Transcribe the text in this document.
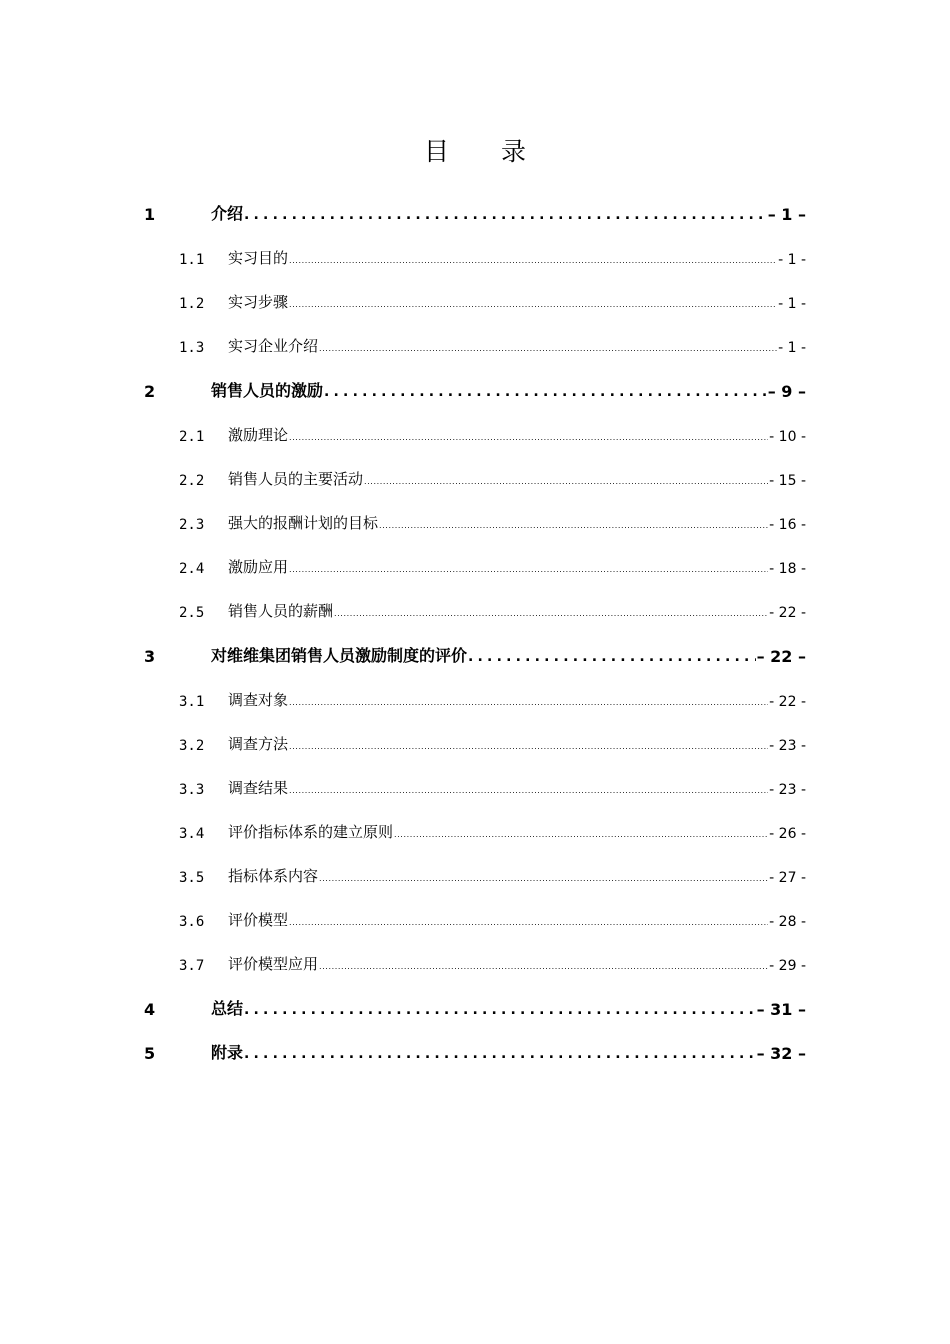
目 录
1	介绍 .....	– 1 –
1.1	实习目的 .....	- 1 -
1.2	实习步骤 .....	- 1 -
1.3	实习企业介绍 .....	- 1 -
2	销售人员的激励 .....	– 9 –
2.1	激励理论 .....	- 10 -
2.2	销售人员的主要活动 .....	- 15 -
2.3	强大的报酬计划的目标 .....	- 16 -
2.4	激励应用 .....	- 18 -
2.5	销售人员的薪酬 .....	- 22 -
3	对维维集团销售人员激励制度的评价 .....	– 22 –
3.1	调查对象 .....	- 22 -
3.2	调查方法 .....	- 23 -
3.3	调查结果 .....	- 23 -
3.4	评价指标体系的建立原则 .....	- 26 -
3.5	指标体系内容 .....	- 27 -
3.6	评价模型 .....	- 28 -
3.7	评价模型应用 .....	- 29 -
4	总结 .....	– 31 –
5	附录 .....	– 32 –
